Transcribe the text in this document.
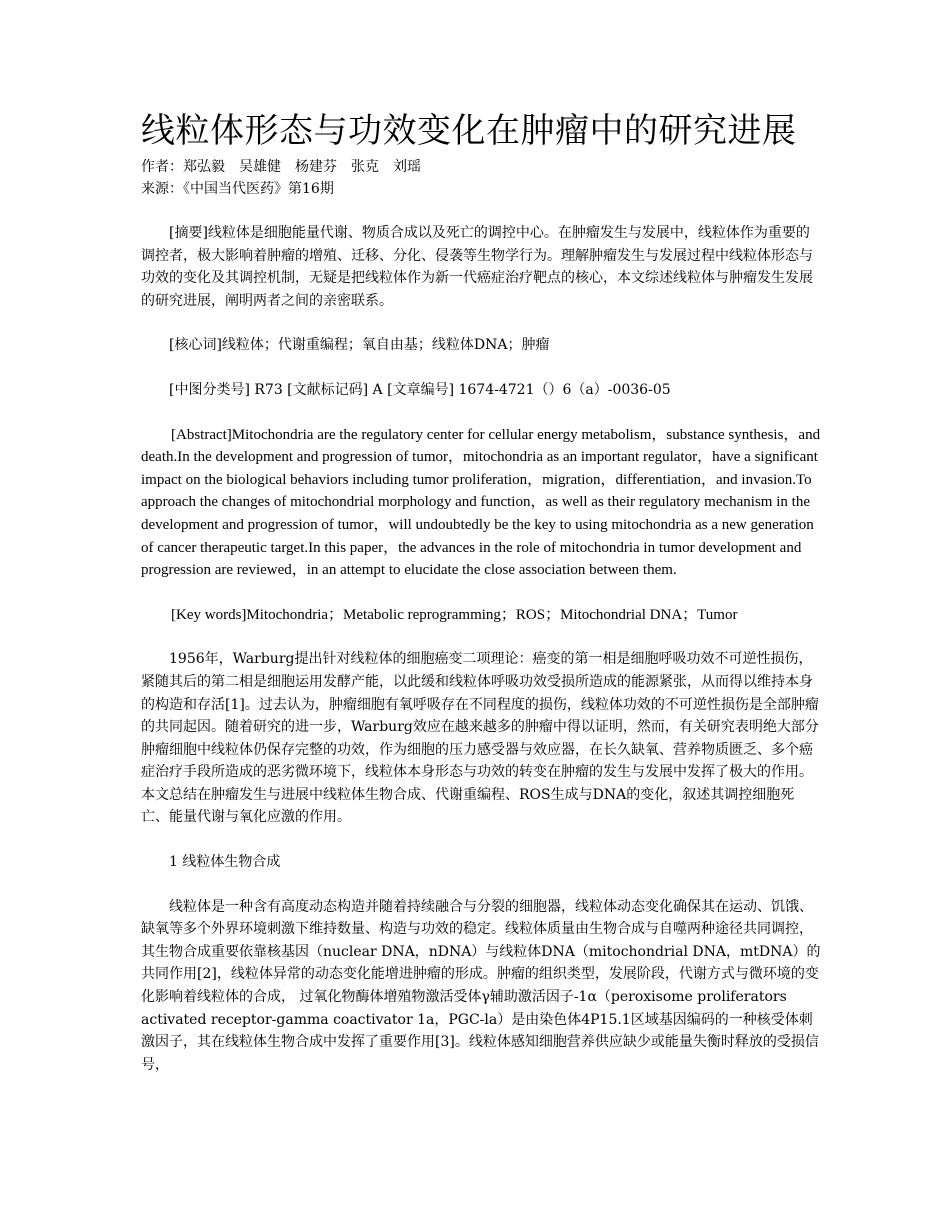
线粒体形态与功效变化在肿瘤中的研究进展

作者：郑弘毅　吴雄健　杨建芬　张克　刘瑶

来源：《中国当代医药》第16期

[摘要]线粒体是细胞能量代谢、物质合成以及死亡的调控中心。在肿瘤发生与发展中，线粒体作为重要的调控者，极大影响着肿瘤的增殖、迁移、分化、侵袭等生物学行为。理解肿瘤发生与发展过程中线粒体形态与功效的变化及其调控机制，无疑是把线粒体作为新一代癌症治疗靶点的核心，本文综述线粒体与肿瘤发生发展的研究进展，阐明两者之间的亲密联系。

[核心词]线粒体；代谢重编程；氧自由基；线粒体DNA；肿瘤

[中图分类号] R73 [文献标记码] A [文章编号] 1674-4721（）6（a）-0036-05

[Abstract]Mitochondria are the regulatory center for cellular energy metabolism，substance synthesis，and death.In the development and progression of tumor，mitochondria as an important regulator，have a significant impact on the biological behaviors including tumor proliferation，migration，differentiation，and invasion.To approach the changes of mitochondrial morphology and function，as well as their regulatory mechanism in the development and progression of tumor，will undoubtedly be the key to using mitochondria as a new generation of cancer therapeutic target.In this paper，the advances in the role of mitochondria in tumor development and progression are reviewed，in an attempt to elucidate the close association between them.

[Key words]Mitochondria；Metabolic reprogramming；ROS；Mitochondrial DNA；Tumor

1956年，Warburg提出针对线粒体的细胞癌变二项理论：癌变的第一相是细胞呼吸功效不可逆性损伤，紧随其后的第二相是细胞运用发酵产能，以此缓和线粒体呼吸功效受损所造成的能源紧张，从而得以维持本身的构造和存活[1]。过去认为，肿瘤细胞有氧呼吸存在不同程度的损伤，线粒体功效的不可逆性损伤是全部肿瘤的共同起因。随着研究的进一步，Warburg效应在越来越多的肿瘤中得以证明，然而，有关研究表明绝大部分肿瘤细胞中线粒体仍保存完整的功效，作为细胞的压力感受器与效应器，在长久缺氧、营养物质匮乏、多个癌症治疗手段所造成的恶劣微环境下，线粒体本身形态与功效的转变在肿瘤的发生与发展中发挥了极大的作用。本文总结在肿瘤发生与进展中线粒体生物合成、代谢重编程、ROS生成与DNA的变化，叙述其调控细胞死亡、能量代谢与氧化应激的作用。

1 线粒体生物合成

线粒体是一种含有高度动态构造并随着持续融合与分裂的细胞器，线粒体动态变化确保其在运动、饥饿、缺氧等多个外界环境刺激下维持数量、构造与功效的稳定。线粒体质量由生物合成与自噬两种途径共同调控，其生物合成重要依靠核基因（nuclear DNA，nDNA）与线粒体DNA（mitochondrial DNA，mtDNA）的共同作用[2]，线粒体异常的动态变化能增进肿瘤的形成。肿瘤的组织类型，发展阶段，代谢方式与微环境的变化影响着线粒体的合成， 过氧化物酶体增殖物激活受体γ辅助激活因子-1α（peroxisome proliferators activated receptor-gamma coactivator 1a，PGC-la）是由染色体4P15.1区域基因编码的一种核受体刺激因子，其在线粒体生物合成中发挥了重要作用[3]。线粒体感知细胞营养供应缺少或能量失衡时释放的受损信号，
